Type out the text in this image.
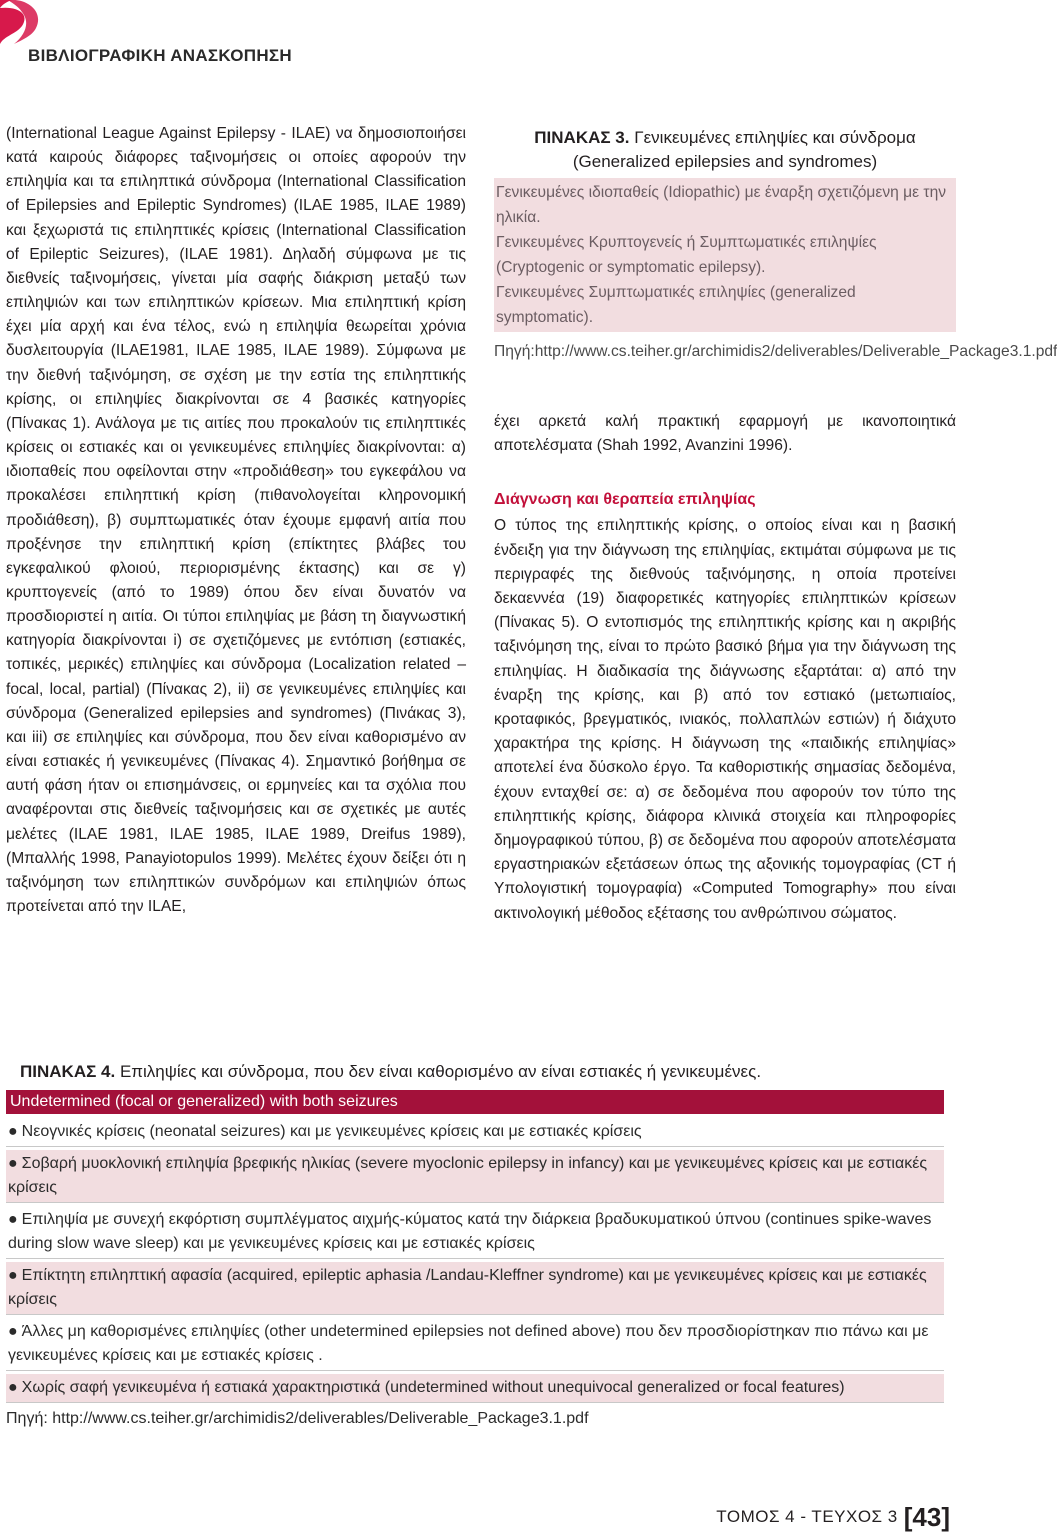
ΒΙΒΛΙΟΓΡΑΦΙΚΗ ΑΝΑΣΚΟΠΗΣΗ

(International League Against Epilepsy - ILAE) να δημοσιοποιήσει κατά καιρούς διάφορες ταξινομήσεις οι οποίες αφορούν την επιληψία και τα επιληπτικά σύνδρομα (International Classification of Epilepsies and Epileptic Syndromes) (ILAE 1985, ILAE 1989) και ξεχωριστά τις επιληπτικές κρίσεις (International Classification of Epileptic Seizures), (ILAE 1981). Δηλαδή σύμφωνα με τις διεθνείς ταξινομήσεις, γίνεται μία σαφής διάκριση μεταξύ των επιληψιών και των επιληπτικών κρίσεων. Μια επιληπτική κρίση έχει μία αρχή και ένα τέλος, ενώ η επιληψία θεωρείται χρόνια δυσλειτουργία (ILAE1981, ILAE 1985, ILAE 1989). Σύμφωνα με την διεθνή ταξινόμηση, σε σχέση με την εστία της επιληπτικής κρίσης, οι επιληψίες διακρίνονται σε 4 βασικές κατηγορίες (Πίνακας 1). Ανάλογα με τις αιτίες που προκαλούν τις επιληπτικές κρίσεις οι εστιακές και οι γενικευμένες επιληψίες διακρίνονται: α) ιδιοπαθείς που οφείλονται στην «προδιάθεση» του εγκεφάλου να προκαλέσει επιληπτική κρίση (πιθανολογείται κληρονομική προδιάθεση), β) συμπτωματικές όταν έχουμε εμφανή αιτία που προξένησε την επιληπτική κρίση (επίκτητες βλάβες του εγκεφαλικού φλοιού, περιορισμένης έκτασης) και σε γ) κρυπτογενείς (από το 1989) όπου δεν είναι δυνατόν να προσδιοριστεί η αιτία. Οι τύποι επιληψίας με βάση τη διαγνωστική κατηγορία διακρίνονται i) σε σχετιζόμενες με εντόπιση (εστιακές, τοπικές, μερικές) επιληψίες και σύνδρομα (Localization related – focal, local, partial) (Πίνακας 2), ii) σε γενικευμένες επιληψίες και σύνδρομα (Generalized epilepsies and syndromes) (Πινάκας 3), και iii) σε επιληψίες και σύνδρομα, που δεν είναι καθορισμένο αν είναι εστιακές ή γενικευμένες (Πίνακας 4). Σημαντικό βοήθημα σε αυτή φάση ήταν οι επισημάνσεις, οι ερμηνείες και τα σχόλια που αναφέρονται στις διεθνείς ταξινομήσεις και σε σχετικές με αυτές μελέτες (ILAE 1981, ILAE 1985, ILAE 1989, Dreifus 1989), (Μπαλλής 1998, Panayiotopulos 1999). Μελέτες έχουν δείξει ότι η ταξινόμηση των επιληπτικών συνδρόμων και επιληψιών όπως προτείνεται από την ILAE,

ΠΙΝΑΚΑΣ 3. Γενικευμένες επιληψίες και σύνδρομα (Generalized epilepsies and syndromes)
Γενικευμένες ιδιοπαθείς (Idiopathic) με έναρξη σχετιζόμενη με την ηλικία.
Γενικευμένες Κρυπτογενείς ή Συμπτωματικές επιληψίες (Cryptogenic or symptomatic epilepsy).
Γενικευμένες Συμπτωματικές επιληψίες (generalized symptomatic).
Πηγή:http://www.cs.teiher.gr/archimidis2/deliverables/Deliverable_Package3.1.pdf

έχει αρκετά καλή πρακτική εφαρμογή με ικανοποιητικά αποτελέσματα (Shah 1992, Avanzini 1996).

Διάγνωση και θεραπεία επιληψίας

Ο τύπος της επιληπτικής κρίσης, ο οποίος είναι και η βασική ένδειξη για την διάγνωση της επιληψίας, εκτιμάται σύμφωνα με τις περιγραφές της διεθνούς ταξινόμησης, η οποία προτείνει δεκαεννέα (19) διαφορετικές κατηγορίες επιληπτικών κρίσεων (Πίνακας 5). Ο εντοπισμός της επιληπτικής κρίσης και η ακριβής ταξινόμηση της, είναι το πρώτο βασικό βήμα για την διάγνωση της επιληψίας. Η διαδικασία της διάγνωσης εξαρτάται: α) από την έναρξη της κρίσης, και β) από τον εστιακό (μετωπιαίος, κροταφικός, βρεγματικός, ινιακός, πολλαπλών εστιών) ή διάχυτο χαρακτήρα της κρίσης. Η διάγνωση της «παιδικής επιληψίας» αποτελεί ένα δύσκολο έργο. Τα καθοριστικής σημασίας δεδομένα, έχουν ενταχθεί σε: α) σε δεδομένα που αφορούν τον τύπο της επιληπτικής κρίσης, διάφορα κλινικά στοιχεία και πληροφορίες δημογραφικού τύπου, β) σε δεδομένα που αφορούν αποτελέσματα εργαστηριακών εξετάσεων όπως της αξονικής τομογραφίας (CT ή Υπολογιστική τομογραφία) «Computed Tomography» που είναι ακτινολογική μέθοδος εξέτασης του ανθρώπινου σώματος.

ΠΙΝΑΚΑΣ 4. Επιληψίες και σύνδρομα, που δεν είναι καθορισμένο αν είναι εστιακές ή γενικευμένες.
Undetermined (focal or generalized) with both seizures
● Νεογνικές κρίσεις (neonatal seizures) και με γενικευμένες κρίσεις και με εστιακές κρίσεις
● Σοβαρή μυοκλονική επιληψία βρεφικής ηλικίας (severe myoclonic epilepsy in infancy) και με γενικευμένες κρίσεις και με εστιακές κρίσεις
● Επιληψία με συνεχή εκφόρτιση συμπλέγματος αιχμής-κύματος κατά την διάρκεια βραδυκυματικού ύπνου (continues spike-waves during slow wave sleep) και με γενικευμένες κρίσεις και με εστιακές κρίσεις
● Επίκτητη επιληπτική αφασία (acquired, epileptic aphasia /Landau-Kleffner syndrome) και με γενικευμένες κρίσεις και με εστιακές κρίσεις
● Άλλες μη καθορισμένες επιληψίες (other undetermined epilepsies not defined above) που δεν προσδιορίστηκαν πιο πάνω και με γενικευμένες κρίσεις και με εστιακές κρίσεις .
● Χωρίς σαφή γενικευμένα ή εστιακά χαρακτηριστικά (undetermined without unequivocal generalized or focal features)
Πηγή: http://www.cs.teiher.gr/archimidis2/deliverables/Deliverable_Package3.1.pdf
ΤΟΜΟΣ 4 - ΤΕΥΧΟΣ 3 [43]
